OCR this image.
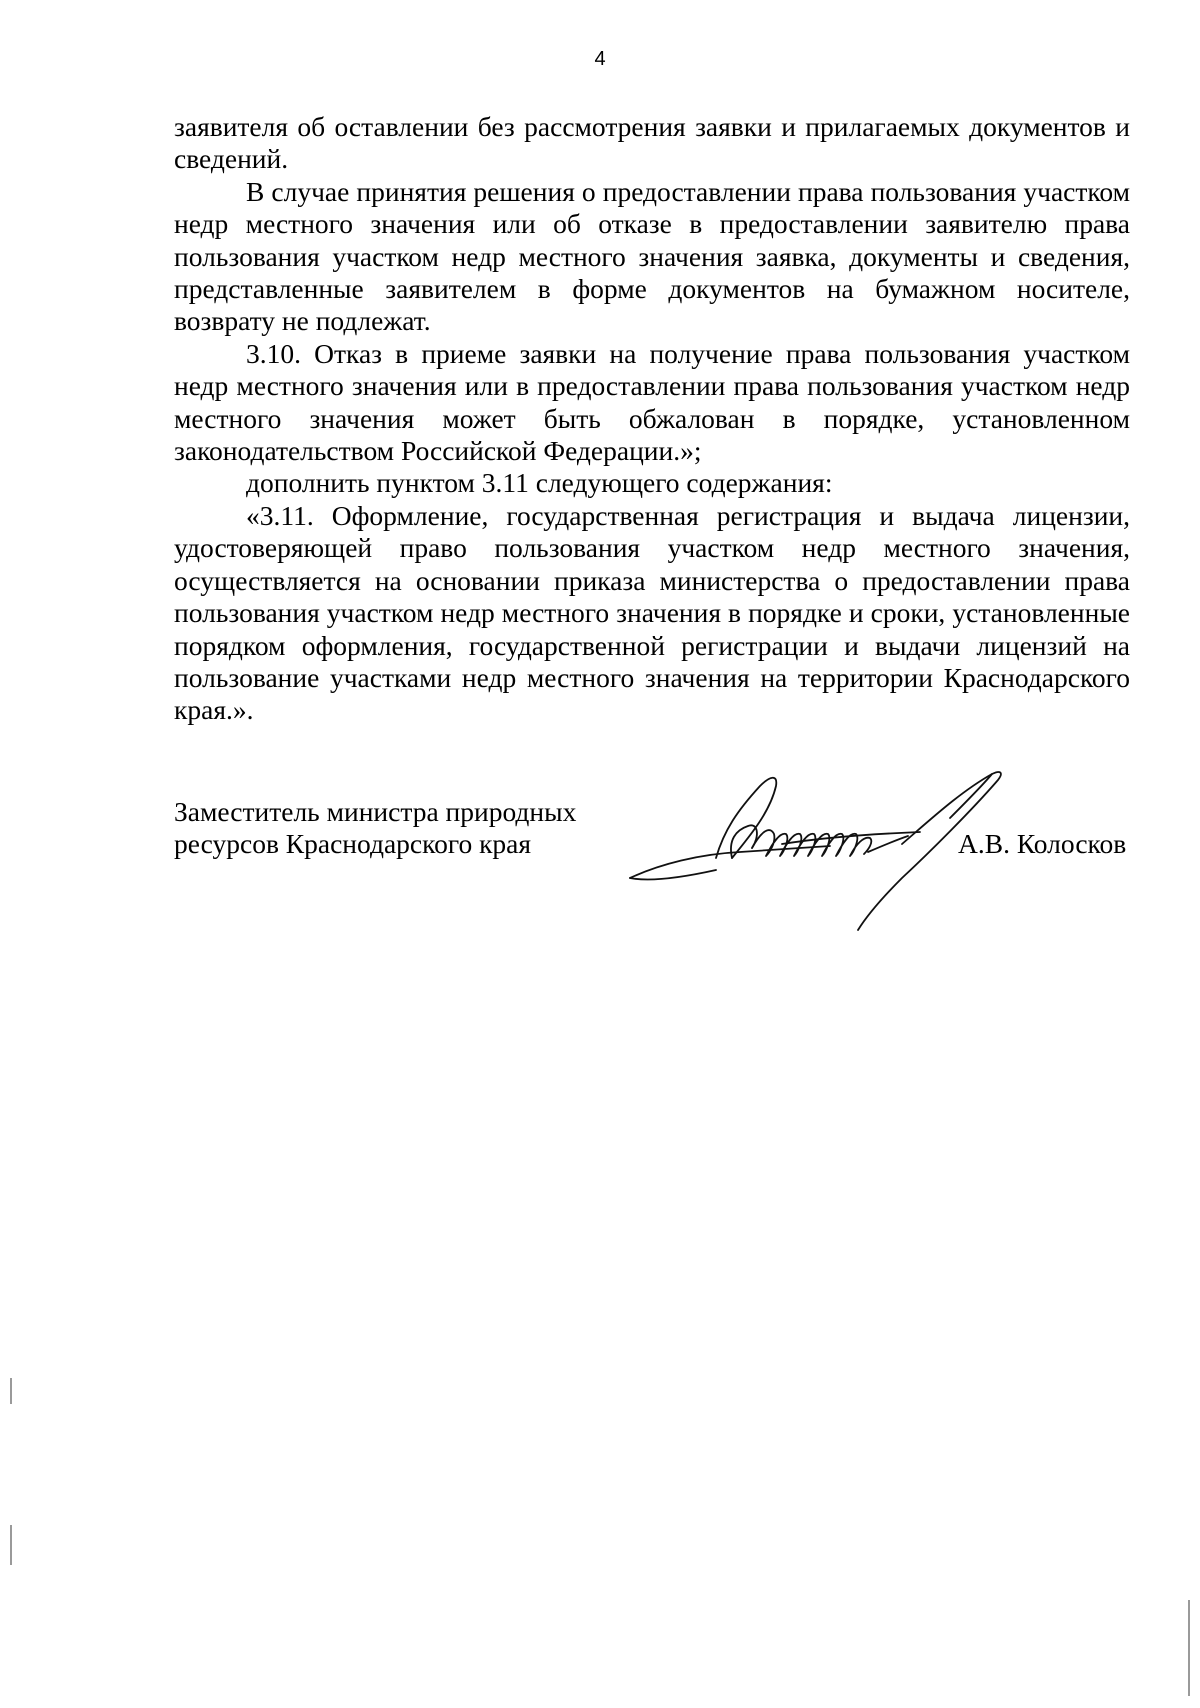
4

заявителя об оставлении без рассмотрения заявки и прилагаемых документов и сведений.

В случае принятия решения о предоставлении права пользования участком недр местного значения или об отказе в предоставлении заявителю права пользования участком недр местного значения заявка, документы и сведения, представленные заявителем в форме документов на бумажном носителе, возврату не подлежат.

3.10. Отказ в приеме заявки на получение права пользования участком недр местного значения или в предоставлении права пользования участком недр местного значения может быть обжалован в порядке, установленном законодательством Российской Федерации.»;

дополнить пунктом 3.11 следующего содержания:

«3.11. Оформление, государственная регистрация и выдача лицензии, удостоверяющей право пользования участком недр местного значения, осуществляется на основании приказа министерства о предоставлении права пользования участком недр местного значения в порядке и сроки, установленные порядком оформления, государственной регистрации и выдачи лицензий на пользование участками недр местного значения на территории Краснодарского края.».

Заместитель министра природных
ресурсов Краснодарского края	А.В. Колосков
